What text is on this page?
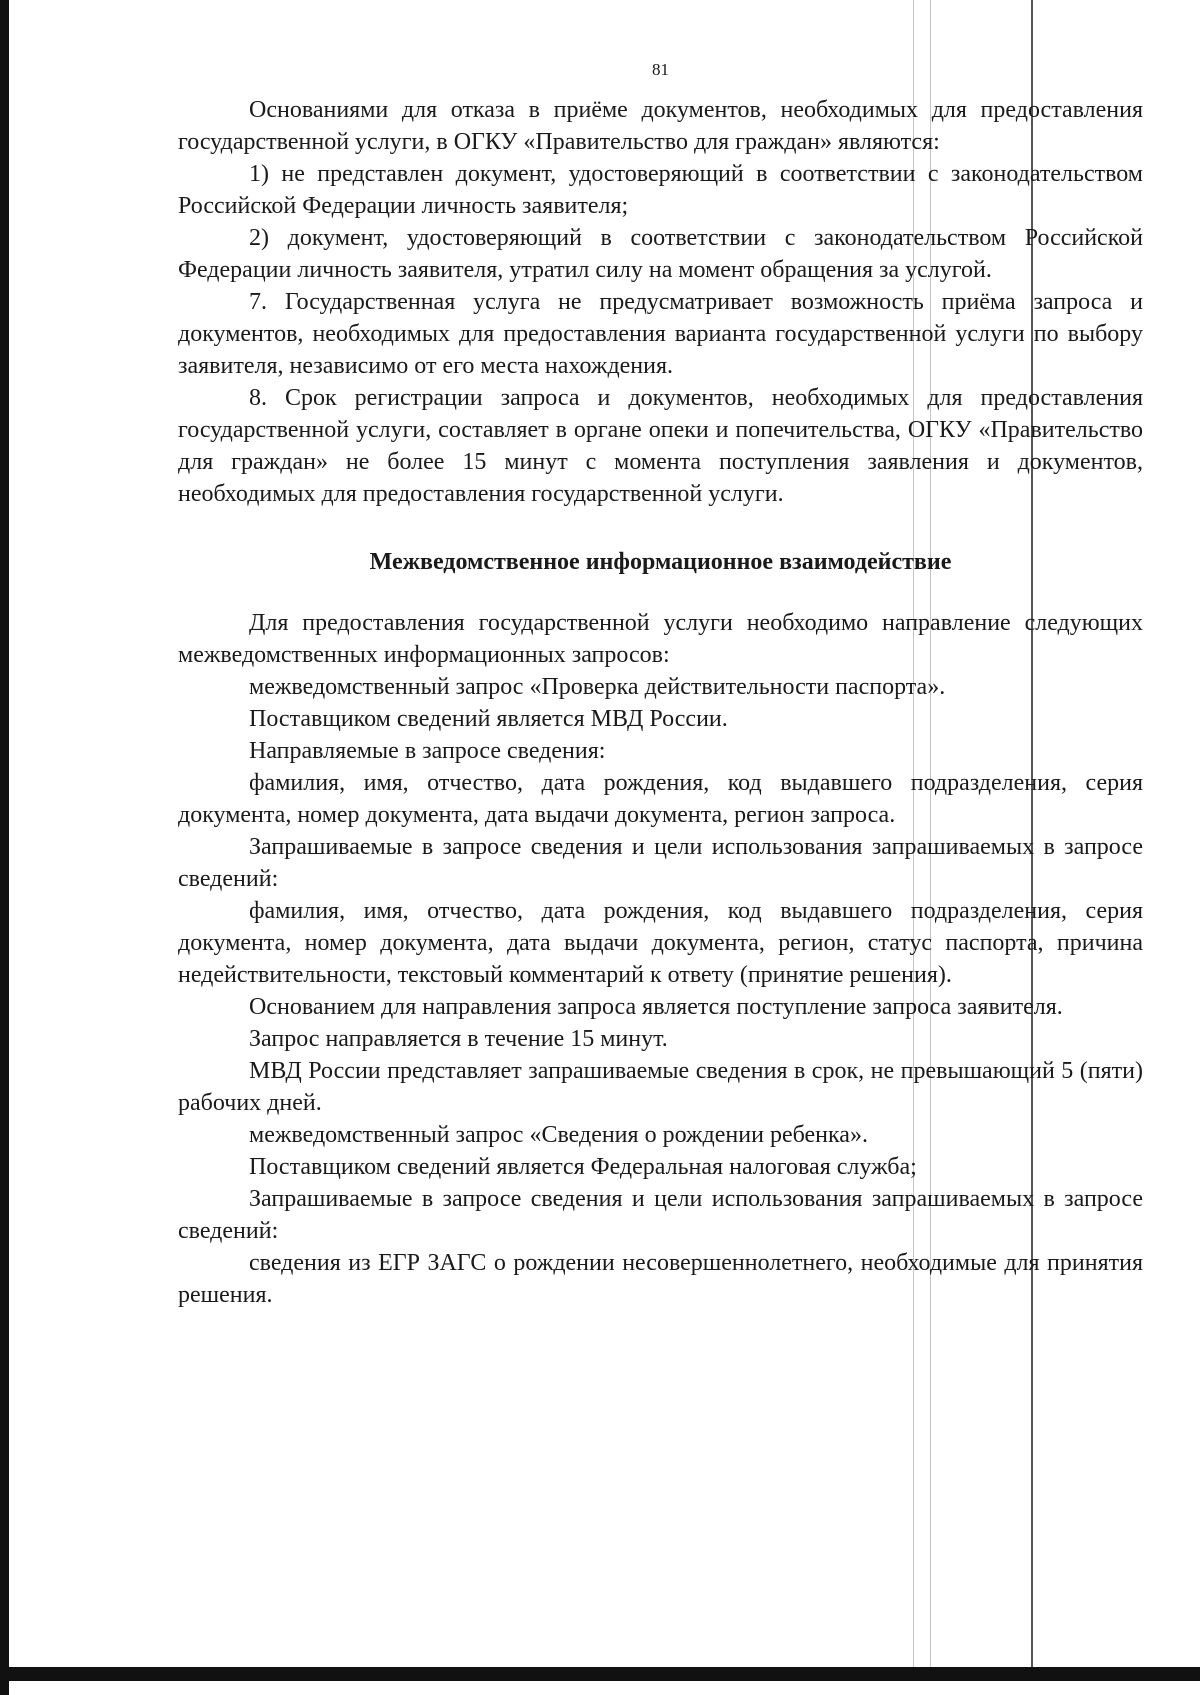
81

Основаниями для отказа в приёме документов, необходимых для предоставления государственной услуги, в ОГКУ «Правительство для граждан» являются:

1) не представлен документ, удостоверяющий в соответствии с законодательством Российской Федерации личность заявителя;

2) документ, удостоверяющий в соответствии с законодательством Российской Федерации личность заявителя, утратил силу на момент обращения за услугой.

7. Государственная услуга не предусматривает возможность приёма запроса и документов, необходимых для предоставления варианта государственной услуги по выбору заявителя, независимо от его места нахождения.

8. Срок регистрации запроса и документов, необходимых для предоставления государственной услуги, составляет в органе опеки и попечительства, ОГКУ «Правительство для граждан» не более 15 минут с момента поступления заявления и документов, необходимых для предоставления государственной услуги.

Межведомственное информационное взаимодействие

Для предоставления государственной услуги необходимо направление следующих межведомственных информационных запросов:

межведомственный запрос «Проверка действительности паспорта».

Поставщиком сведений является МВД России.

Направляемые в запросе сведения:

фамилия, имя, отчество, дата рождения, код выдавшего подразделения, серия документа, номер документа, дата выдачи документа, регион запроса.

Запрашиваемые в запросе сведения и цели использования запрашиваемых в запросе сведений:

фамилия, имя, отчество, дата рождения, код выдавшего подразделения, серия документа, номер документа, дата выдачи документа, регион, статус паспорта, причина недействительности, текстовый комментарий к ответу (принятие решения).

Основанием для направления запроса является поступление запроса заявителя.

Запрос направляется в течение 15 минут.

МВД России представляет запрашиваемые сведения в срок, не превышающий 5 (пяти) рабочих дней.

межведомственный запрос «Сведения о рождении ребенка».

Поставщиком сведений является Федеральная налоговая служба;

Запрашиваемые в запросе сведения и цели использования запрашиваемых в запросе сведений:

сведения из ЕГР ЗАГС о рождении несовершеннолетнего, необходимые для принятия решения.
